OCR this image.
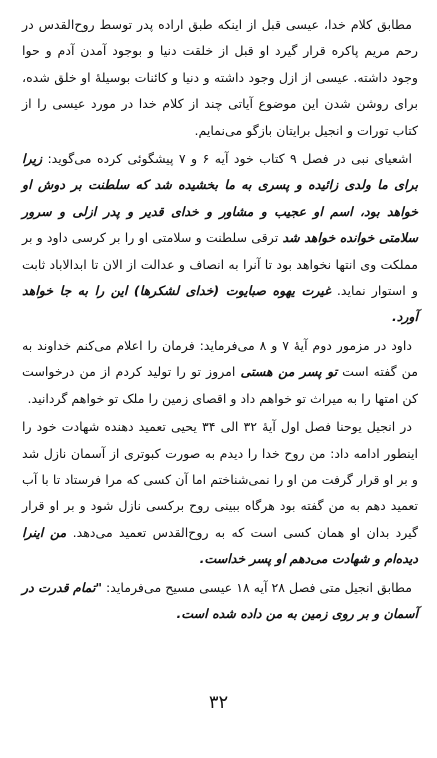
مطابق کلام خدا، عیسی قبل از اینکه طبق اراده پدر توسط روح‌القدس در رحم مریم پاکره قرار گیرد او قبل از خلقت دنیا و بوجود آمدن آدم و حوا وجود داشته. عیسی از ازل وجود داشته و دنیا و کائنات بوسیلهٔ او خلق شده، برای روشن شدن این موضوع آیاتی چند از کلام خدا در مورد عیسی را از کتاب تورات و انجیل برایتان بازگو می‌نمایم.

اشعیای نبی در فصل ۹ کتاب خود آیه ۶ و ۷ پیشگوئی کرده می‌گوید: زیرا برای ما ولدی زائیده و پسری به ما بخشیده شد که سلطنت بر دوش او خواهد بود، اسم او عجیب و مشاور و خدای قدیر و پدر ازلی و سرور سلامتی خوانده خواهد شد ترقی سلطنت و سلامتی او را بر کرسی داود و بر مملکت وی انتها نخواهد بود تا آنرا به انصاف و عدالت از الان تا ابدالاباد ثابت و استوار نماید. غیرت یهوه صبایوت (خدای لشکرها) این را به جا خواهد آورد.

داود در مزمور دوم آیهٔ ۷ و ۸ می‌فرماید: فرمان را اعلام می‌کنم خداوند به من گفته است تو پسر من هستی امروز تو را تولید کردم از من درخواست کن امتها را به میراث تو خواهم داد و اقصای زمین را ملک تو خواهم گردانید.

در انجیل یوحنا فصل اول آیهٔ ۳۲ الی ۳۴ یحیی تعمید دهنده شهادت خود را اینطور ادامه داد: من روح خدا را دیدم به صورت کبوتری از آسمان نازل شد و بر او قرار گرفت من او را نمی‌شناختم اما آن کسی که مرا فرستاد تا با آب تعمید دهم به من گفته بود هرگاه ببینی روح برکسی نازل شود و بر او قرار گیرد بدان او همان کسی است که به روح‌القدس تعمید می‌دهد. من اینرا دیده‌ام و شهادت می‌دهم او پسر خداست.

مطابق انجیل متی فصل ۲۸ آیه ۱۸ عیسی مسیح می‌فرماید: "تمام قدرت در آسمان و بر روی زمین به من داده شده است.

۳۲
